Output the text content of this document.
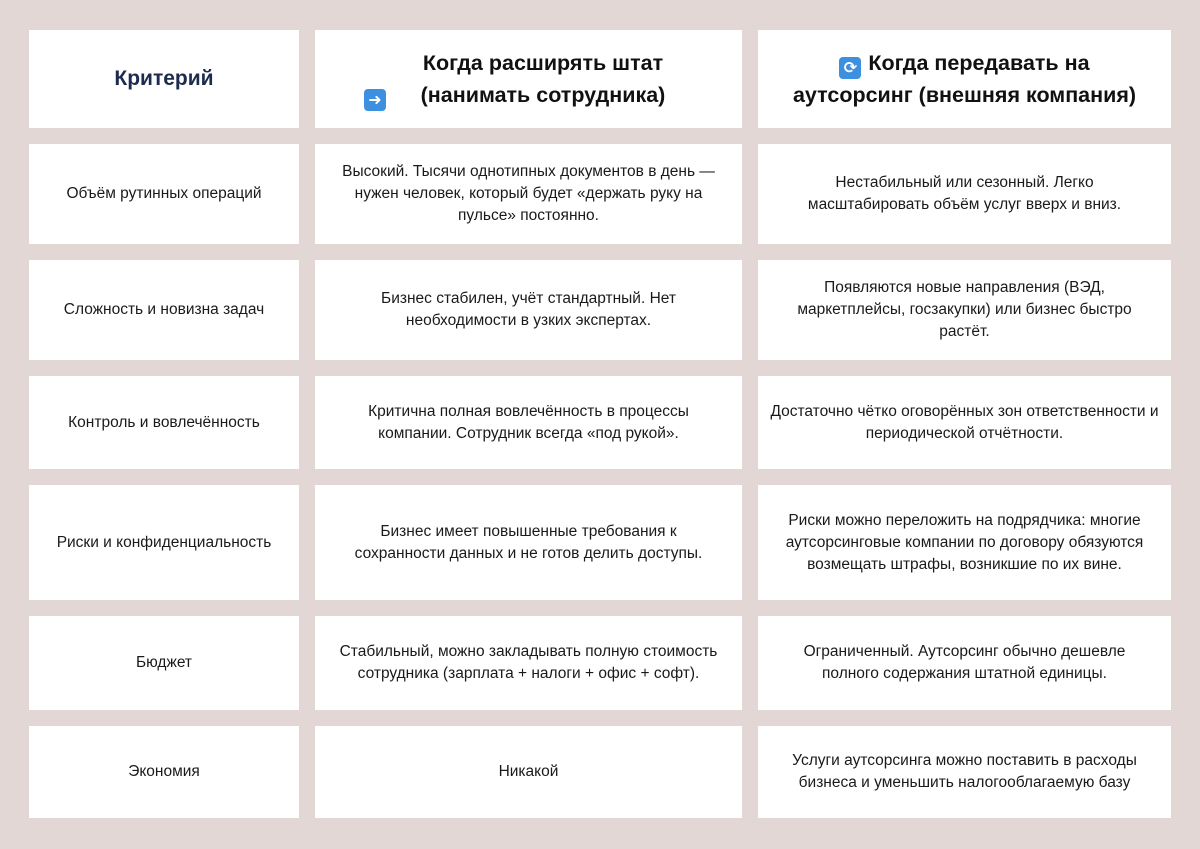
Критерий
➜Когда расширять штат (нанимать сотрудника)
⟳ Когда передавать на аутсорсинг (внешняя компания)
Объём рутинных операций
Высокий. Тысячи однотипных документов в день — нужен человек, который будет «держать руку на пульсе» постоянно.
Нестабильный или сезонный. Легко масштабировать объём услуг вверх и вниз.
Сложность и новизна задач
Бизнес стабилен, учёт стандартный. Нет необходимости в узких экспертах.
Появляются новые направления (ВЭД, маркетплейсы, госзакупки) или бизнес быстро растёт.
Контроль и вовлечённость
Критична полная вовлечённость в процессы компании. Сотрудник всегда «под рукой».
Достаточно чётко оговорённых зон ответственности и периодической отчётности.
Риски и конфиденциальность
Бизнес имеет повышенные требования к сохранности данных и не готов делить доступы.
Риски можно переложить на подрядчика: многие аутсорсинговые компании по договору обязуются возмещать штрафы, возникшие по их вине.
Бюджет
Стабильный, можно закладывать полную стоимость сотрудника (зарплата + налоги + офис + софт).
Ограниченный. Аутсорсинг обычно дешевле полного содержания штатной единицы.
Экономия	Никакой
Услуги аутсорсинга можно поставить в расходы бизнеса и уменьшить налогооблагаемую базу
